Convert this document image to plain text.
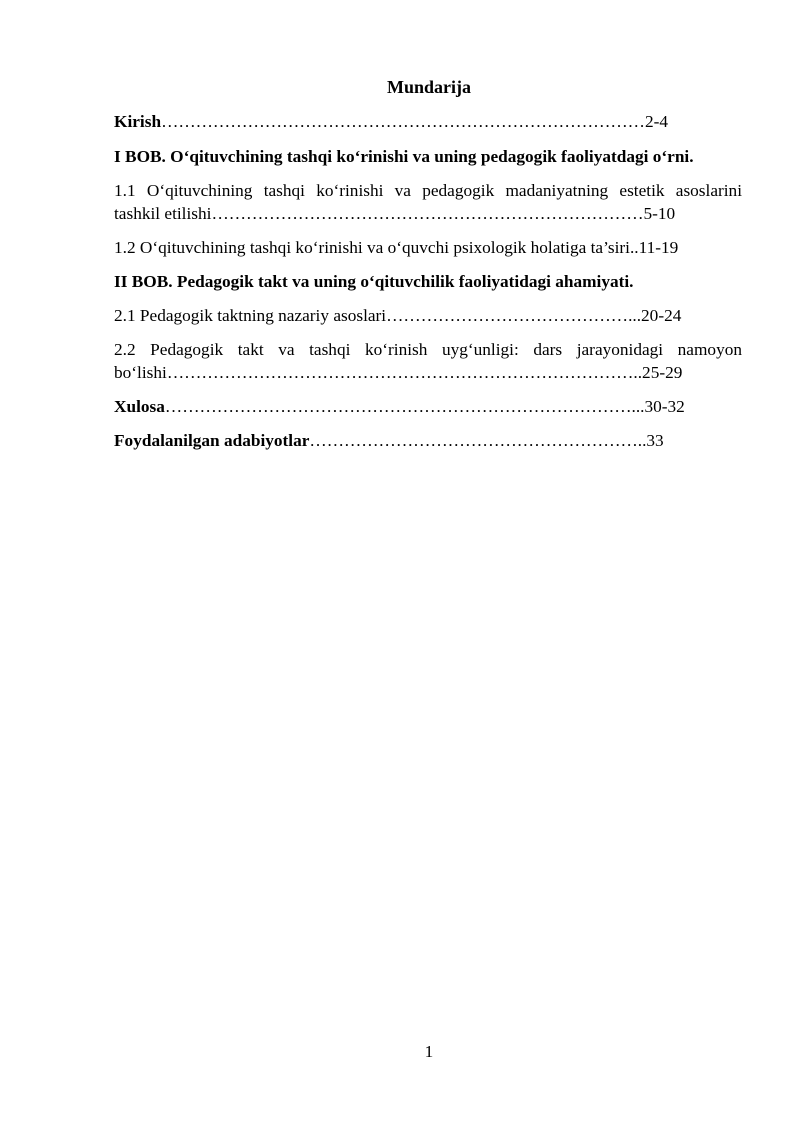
Mundarija
Kirish…………………………………………………………………………2-4
I BOB. O‘qituvchining tashqi ko‘rinishi va uning pedagogik faoliyatdagi o‘rni.
1.1 O‘qituvchining tashqi ko‘rinishi va pedagogik madaniyatning estetik asoslarini
tashkil etilishi…………………………………………………………………5-10
1.2 O‘qituvchining tashqi ko‘rinishi va o‘quvchi psixologik holatiga ta’siri..11-19
II BOB. Pedagogik takt va uning o‘qituvchilik faoliyatidagi ahamiyati.
2.1 Pedagogik taktning nazariy asoslari……………………………………...20-24
2.2 Pedagogik takt va tashqi ko‘rinish uyg‘unligi: dars jarayonidagi namoyon
bo‘lishi………………………………………………………………………..25-29
Xulosa………………………………………………………………………...30-32
Foydalanilgan adabiyotlar…………………………………………………..33
1
